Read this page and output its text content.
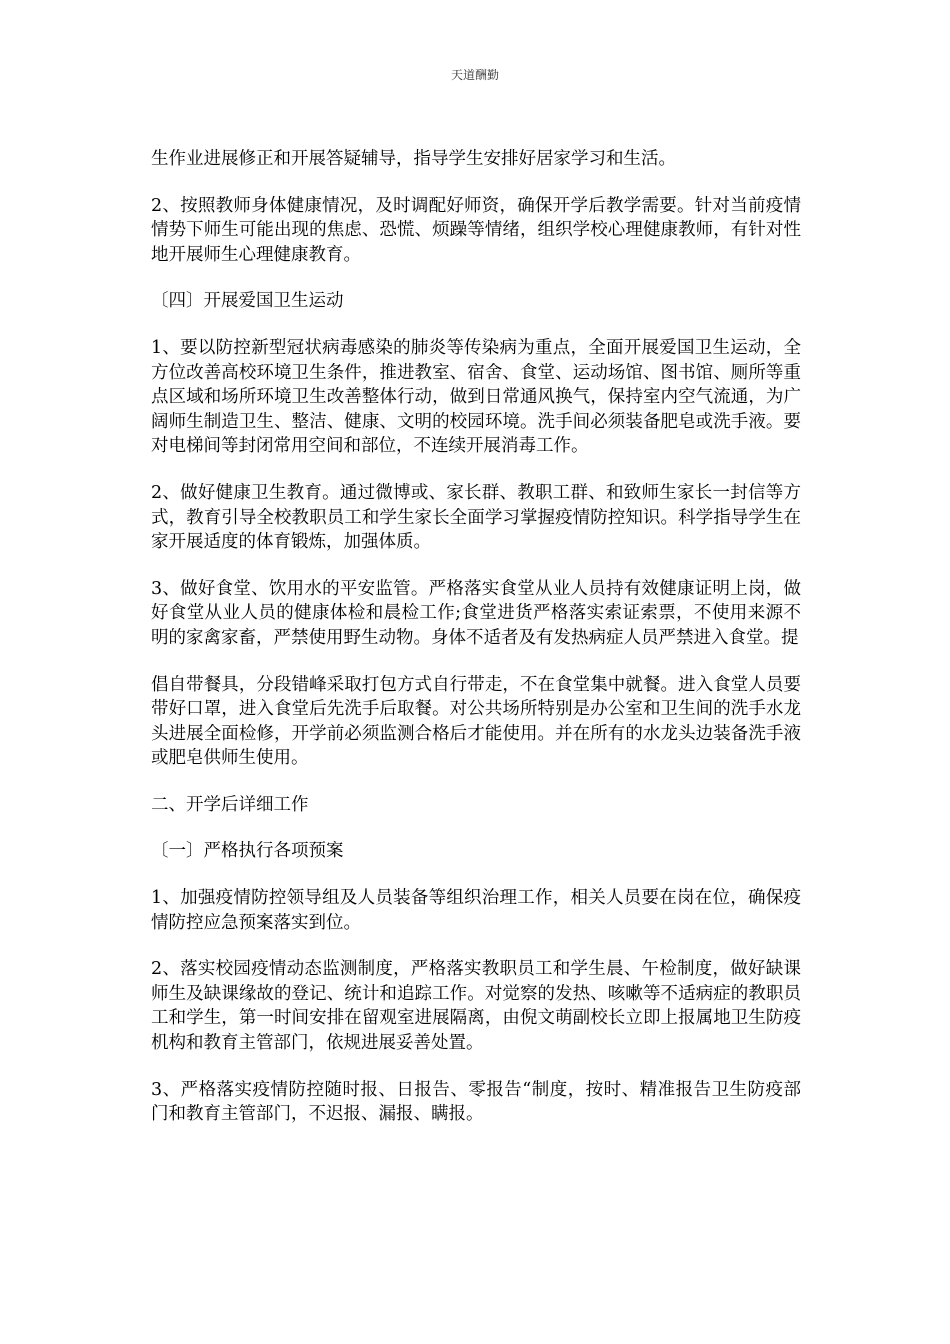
天道酬勤

生作业进展修正和开展答疑辅导，指导学生安排好居家学习和生活。

2、按照教师身体健康情况，及时调配好师资，确保开学后教学需要。针对当前疫情情势下师生可能出现的焦虑、恐慌、烦躁等情绪，组织学校心理健康教师，有针对性地开展师生心理健康教育。

〔四〕开展爱国卫生运动

1、要以防控新型冠状病毒感染的肺炎等传染病为重点，全面开展爱国卫生运动，全方位改善高校环境卫生条件，推进教室、宿舍、食堂、运动场馆、图书馆、厕所等重点区域和场所环境卫生改善整体行动，做到日常通风换气，保持室内空气流通，为广阔师生制造卫生、整洁、健康、文明的校园环境。洗手间必须装备肥皂或洗手液。要对电梯间等封闭常用空间和部位，不连续开展消毒工作。

2、做好健康卫生教育。通过微博或、家长群、教职工群、和致师生家长一封信等方式，教育引导全校教职员工和学生家长全面学习掌握疫情防控知识。科学指导学生在家开展适度的体育锻炼，加强体质。

3、做好食堂、饮用水的平安监管。严格落实食堂从业人员持有效健康证明上岗，做好食堂从业人员的健康体检和晨检工作;食堂进货严格落实索证索票，不使用来源不明的家禽家畜，严禁使用野生动物。身体不适者及有发热病症人员严禁进入食堂。提

倡自带餐具，分段错峰采取打包方式自行带走，不在食堂集中就餐。进入食堂人员要带好口罩，进入食堂后先洗手后取餐。对公共场所特别是办公室和卫生间的洗手水龙头进展全面检修，开学前必须监测合格后才能使用。并在所有的水龙头边装备洗手液或肥皂供师生使用。

二、开学后详细工作

〔一〕严格执行各项预案

1、加强疫情防控领导组及人员装备等组织治理工作，相关人员要在岗在位，确保疫情防控应急预案落实到位。

2、落实校园疫情动态监测制度，严格落实教职员工和学生晨、午检制度，做好缺课师生及缺课缘故的登记、统计和追踪工作。对觉察的发热、咳嗽等不适病症的教职员工和学生，第一时间安排在留观室进展隔离，由倪文萌副校长立即上报属地卫生防疫机构和教育主管部门，依规进展妥善处置。

3、严格落实疫情防控随时报、日报告、零报告“制度，按时、精准报告卫生防疫部门和教育主管部门，不迟报、漏报、瞒报。
